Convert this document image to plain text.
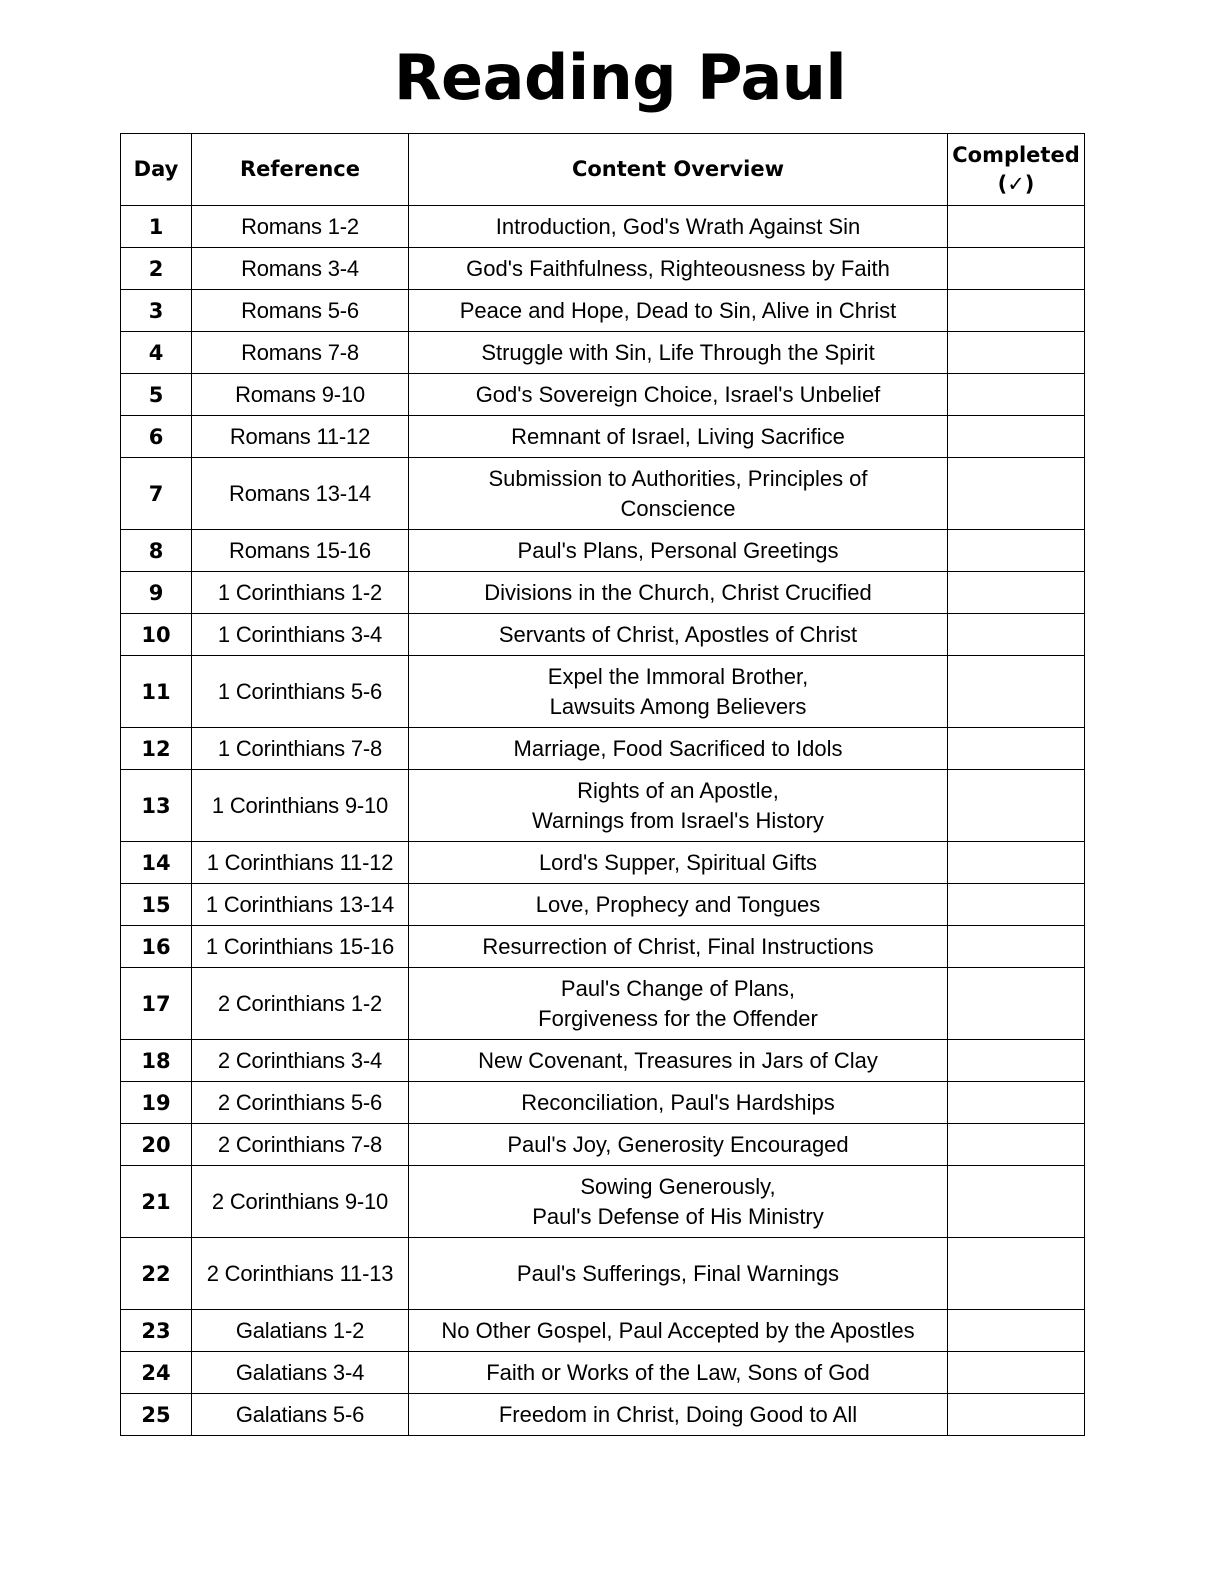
Reading Paul
Day	Reference	Content Overview	Completed
(✓)
1	Romans 1-2	Introduction, God's Wrath Against Sin	
2	Romans 3-4	God's Faithfulness, Righteousness by Faith	
3	Romans 5-6	Peace and Hope, Dead to Sin, Alive in Christ	
4	Romans 7-8	Struggle with Sin, Life Through the Spirit	
5	Romans 9-10	God's Sovereign Choice, Israel's Unbelief	
6	Romans 11-12	Remnant of Israel, Living Sacrifice	
7	Romans 13-14	Submission to Authorities, Principles of
Conscience	
8	Romans 15-16	Paul's Plans, Personal Greetings	
9	1 Corinthians 1-2	Divisions in the Church, Christ Crucified	
10	1 Corinthians 3-4	Servants of Christ, Apostles of Christ	
11	1 Corinthians 5-6	Expel the Immoral Brother,
Lawsuits Among Believers	
12	1 Corinthians 7-8	Marriage, Food Sacrificed to Idols	
13	1 Corinthians 9-10	Rights of an Apostle,
Warnings from Israel's History	
14	1 Corinthians 11-12	Lord's Supper, Spiritual Gifts	
15	1 Corinthians 13-14	Love, Prophecy and Tongues	
16	1 Corinthians 15-16	Resurrection of Christ, Final Instructions	
17	2 Corinthians 1-2	Paul's Change of Plans,
Forgiveness for the Offender	
18	2 Corinthians 3-4	New Covenant, Treasures in Jars of Clay	
19	2 Corinthians 5-6	Reconciliation, Paul's Hardships	
20	2 Corinthians 7-8	Paul's Joy, Generosity Encouraged	
21	2 Corinthians 9-10	Sowing Generously,
Paul's Defense of His Ministry	
22	2 Corinthians 11-13	Paul's Sufferings, Final Warnings	
23	Galatians 1-2	No Other Gospel, Paul Accepted by the Apostles	
24	Galatians 3-4	Faith or Works of the Law, Sons of God	
25	Galatians 5-6	Freedom in Christ, Doing Good to All	
